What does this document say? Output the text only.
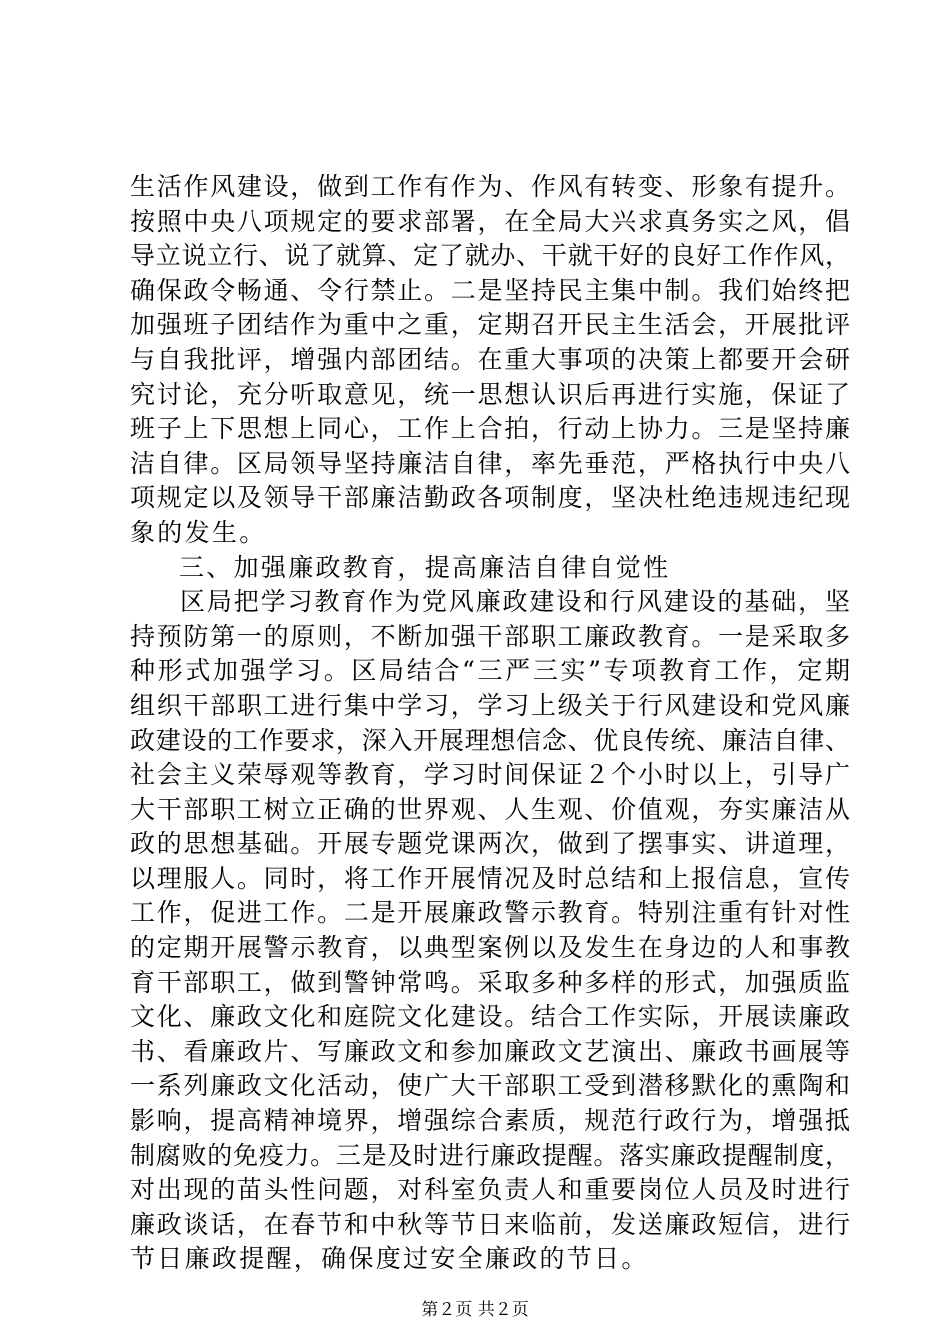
生活作风建设，做到工作有作为、作风有转变、形象有提升。
按照中央八项规定的要求部署，在全局大兴求真务实之风，倡
导立说立行、说了就算、定了就办、干就干好的良好工作作风，
确保政令畅通、令行禁止。二是坚持民主集中制。我们始终把
加强班子团结作为重中之重，定期召开民主生活会，开展批评
与自我批评，增强内部团结。在重大事项的决策上都要开会研
究讨论，充分听取意见，统一思想认识后再进行实施，保证了
班子上下思想上同心，工作上合拍，行动上协力。三是坚持廉
洁自律。区局领导坚持廉洁自律，率先垂范，严格执行中央八
项规定以及领导干部廉洁勤政各项制度，坚决杜绝违规违纪现
象的发生。
三、加强廉政教育，提高廉洁自律自觉性
区局把学习教育作为党风廉政建设和行风建设的基础，坚
持预防第一的原则，不断加强干部职工廉政教育。一是采取多
种形式加强学习。区局结合“三严三实”专项教育工作，定期
组织干部职工进行集中学习，学习上级关于行风建设和党风廉
政建设的工作要求，深入开展理想信念、优良传统、廉洁自律、
社会主义荣辱观等教育，学习时间保证２个小时以上，引导广
大干部职工树立正确的世界观、人生观、价值观，夯实廉洁从
政的思想基础。开展专题党课两次，做到了摆事实、讲道理，
以理服人。同时，将工作开展情况及时总结和上报信息，宣传
工作，促进工作。二是开展廉政警示教育。特别注重有针对性
的定期开展警示教育，以典型案例以及发生在身边的人和事教
育干部职工，做到警钟常鸣。采取多种多样的形式，加强质监
文化、廉政文化和庭院文化建设。结合工作实际，开展读廉政
书、看廉政片、写廉政文和参加廉政文艺演出、廉政书画展等
一系列廉政文化活动，使广大干部职工受到潜移默化的熏陶和
影响，提高精神境界，增强综合素质，规范行政行为，增强抵
制腐败的免疫力。三是及时进行廉政提醒。落实廉政提醒制度，
对出现的苗头性问题，对科室负责人和重要岗位人员及时进行
廉政谈话，在春节和中秋等节日来临前，发送廉政短信，进行
节日廉政提醒，确保度过安全廉政的节日。
第２页 共２页
